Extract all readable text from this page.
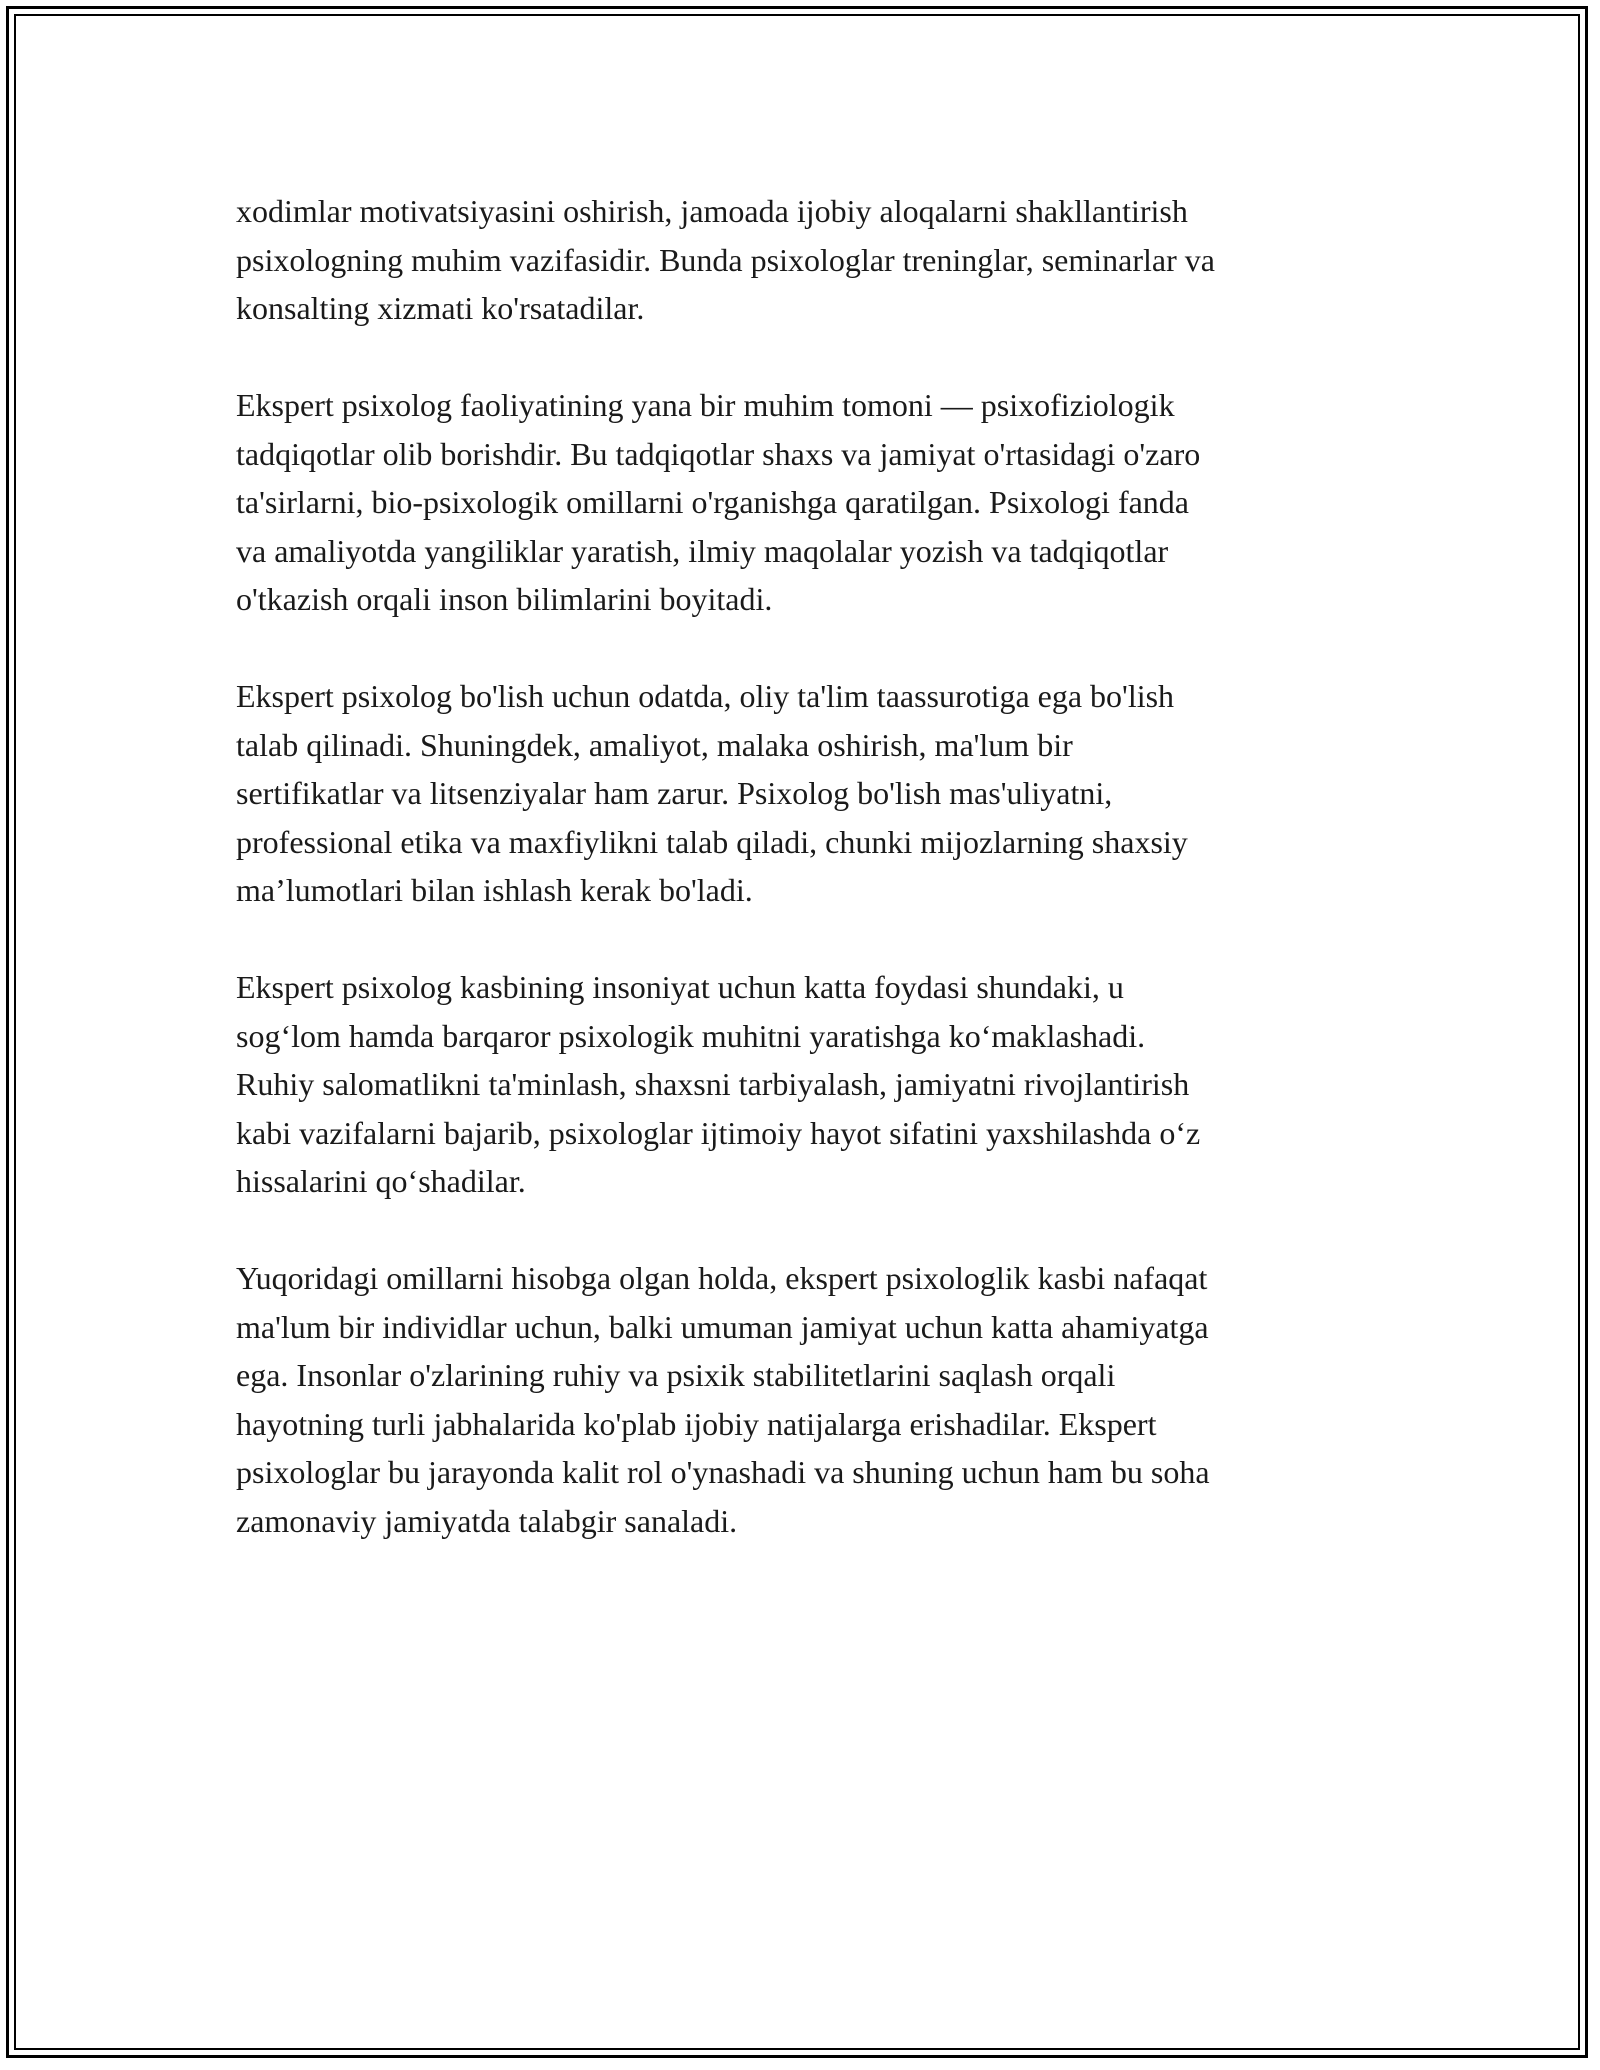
xodimlar motivatsiyasini oshirish, jamoada ijobiy aloqalarni shakllantirish
psixologning muhim vazifasidir. Bunda psixologlar treninglar, seminarlar va
konsalting xizmati ko'rsatadilar.

Ekspert psixolog faoliyatining yana bir muhim tomoni — psixofiziologik
tadqiqotlar olib borishdir. Bu tadqiqotlar shaxs va jamiyat o'rtasidagi o'zaro
ta'sirlarni, bio-psixologik omillarni o'rganishga qaratilgan. Psixologi fanda
va amaliyotda yangiliklar yaratish, ilmiy maqolalar yozish va tadqiqotlar
o'tkazish orqali inson bilimlarini boyitadi.

Ekspert psixolog bo'lish uchun odatda, oliy ta'lim taassurotiga ega bo'lish
talab qilinadi. Shuningdek, amaliyot, malaka oshirish, ma'lum bir
sertifikatlar va litsenziyalar ham zarur. Psixolog bo'lish mas'uliyatni,
professional etika va maxfiylikni talab qiladi, chunki mijozlarning shaxsiy
ma’lumotlari bilan ishlash kerak bo'ladi.

Ekspert psixolog kasbining insoniyat uchun katta foydasi shundaki, u
sog‘lom hamda barqaror psixologik muhitni yaratishga ko‘maklashadi.
Ruhiy salomatlikni ta'minlash, shaxsni tarbiyalash, jamiyatni rivojlantirish
kabi vazifalarni bajarib, psixologlar ijtimoiy hayot sifatini yaxshilashda o‘z
hissalarini qo‘shadilar.

Yuqoridagi omillarni hisobga olgan holda, ekspert psixologlik kasbi nafaqat
ma'lum bir individlar uchun, balki umuman jamiyat uchun katta ahamiyatga
ega. Insonlar o'zlarining ruhiy va psixik stabilitetlarini saqlash orqali
hayotning turli jabhalarida ko'plab ijobiy natijalarga erishadilar. Ekspert
psixologlar bu jarayonda kalit rol o'ynashadi va shuning uchun ham bu soha
zamonaviy jamiyatda talabgir sanaladi.
